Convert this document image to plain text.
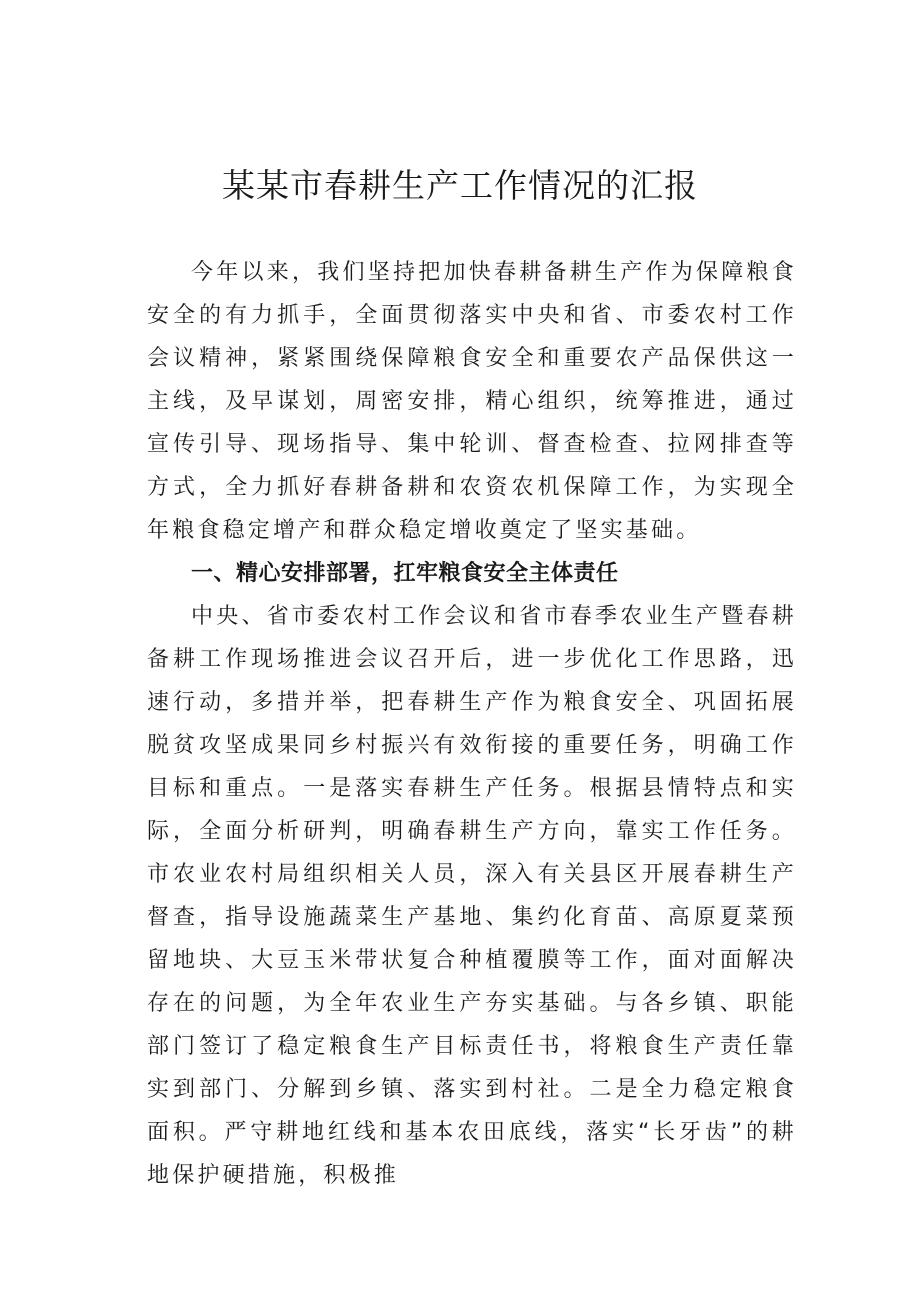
某某市春耕生产工作情况的汇报

今年以来，我们坚持把加快春耕备耕生产作为保障粮食安全的有力抓手，全面贯彻落实中央和省、市委农村工作会议精神，紧紧围绕保障粮食安全和重要农产品保供这一主线，及早谋划，周密安排，精心组织，统筹推进，通过宣传引导、现场指导、集中轮训、督查检查、拉网排查等方式，全力抓好春耕备耕和农资农机保障工作，为实现全年粮食稳定增产和群众稳定增收奠定了坚实基础。

一、精心安排部署，扛牢粮食安全主体责任

中央、省市委农村工作会议和省市春季农业生产暨春耕备耕工作现场推进会议召开后，进一步优化工作思路，迅速行动，多措并举，把春耕生产作为粮食安全、巩固拓展脱贫攻坚成果同乡村振兴有效衔接的重要任务，明确工作目标和重点。一是落实春耕生产任务。根据县情特点和实际，全面分析研判，明确春耕生产方向，靠实工作任务。市农业农村局组织相关人员，深入有关县区开展春耕生产督查，指导设施蔬菜生产基地、集约化育苗、高原夏菜预留地块、大豆玉米带状复合种植覆膜等工作，面对面解决存在的问题，为全年农业生产夯实基础。与各乡镇、职能部门签订了稳定粮食生产目标责任书，将粮食生产责任靠实到部门、分解到乡镇、落实到村社。二是全力稳定粮食面积。严守耕地红线和基本农田底线，落实“长牙齿”的耕地保护硬措施，积极推
